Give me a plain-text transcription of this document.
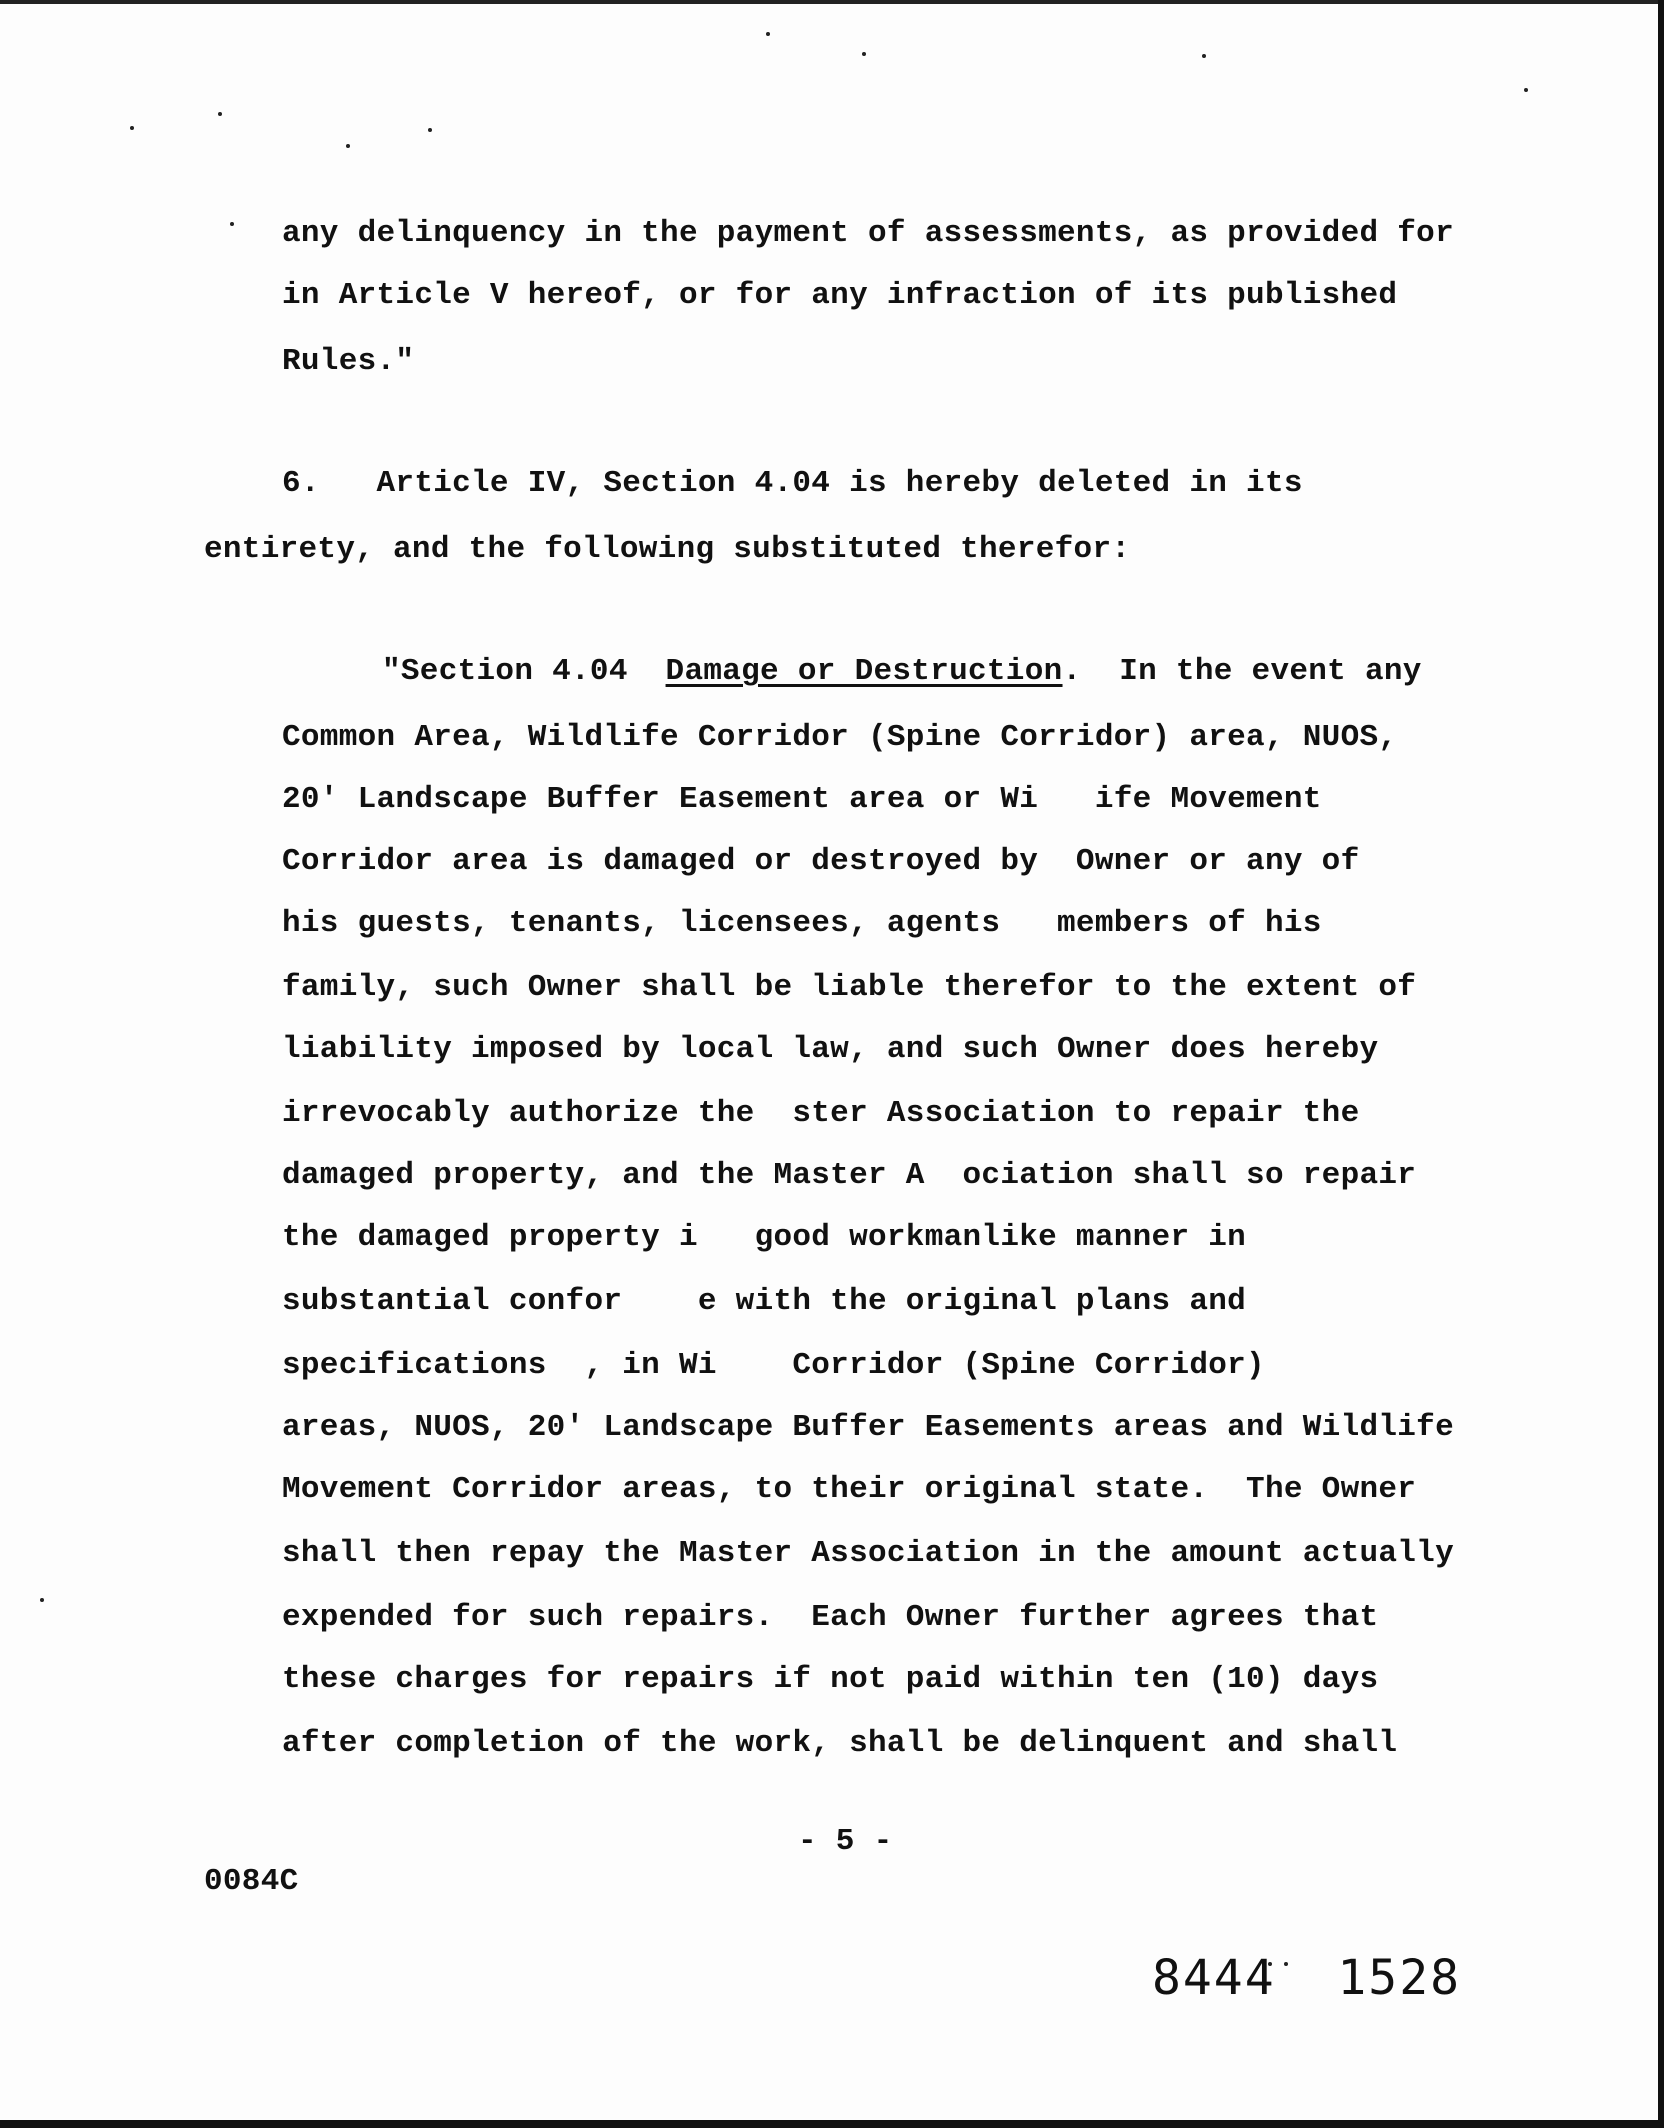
any delinquency in the payment of assessments, as provided for
in Article V hereof, or for any infraction of its published
Rules."
6.   Article IV, Section 4.04 is hereby deleted in its
entirety, and the following substituted therefor:
"Section 4.04  Damage or Destruction.  In the event any
Common Area, Wildlife Corridor (Spine Corridor) area, NUOS,
20' Landscape Buffer Easement area or Wi   ife Movement
Corridor area is damaged or destroyed by  Owner or any of
his guests, tenants, licensees, agents   members of his
family, such Owner shall be liable therefor to the extent of
liability imposed by local law, and such Owner does hereby
irrevocably authorize the  ster Association to repair the
damaged property, and the Master A  ociation shall so repair
the damaged property i   good workmanlike manner in
substantial confor    e with the original plans and
specifications  , in Wi    Corridor (Spine Corridor)
areas, NUOS, 20' Landscape Buffer Easements areas and Wildlife
Movement Corridor areas, to their original state.  The Owner
shall then repay the Master Association in the amount actually
expended for such repairs.  Each Owner further agrees that
these charges for repairs if not paid within ten (10) days
after completion of the work, shall be delinquent and shall
- 5 -
0084C
8444  1528
